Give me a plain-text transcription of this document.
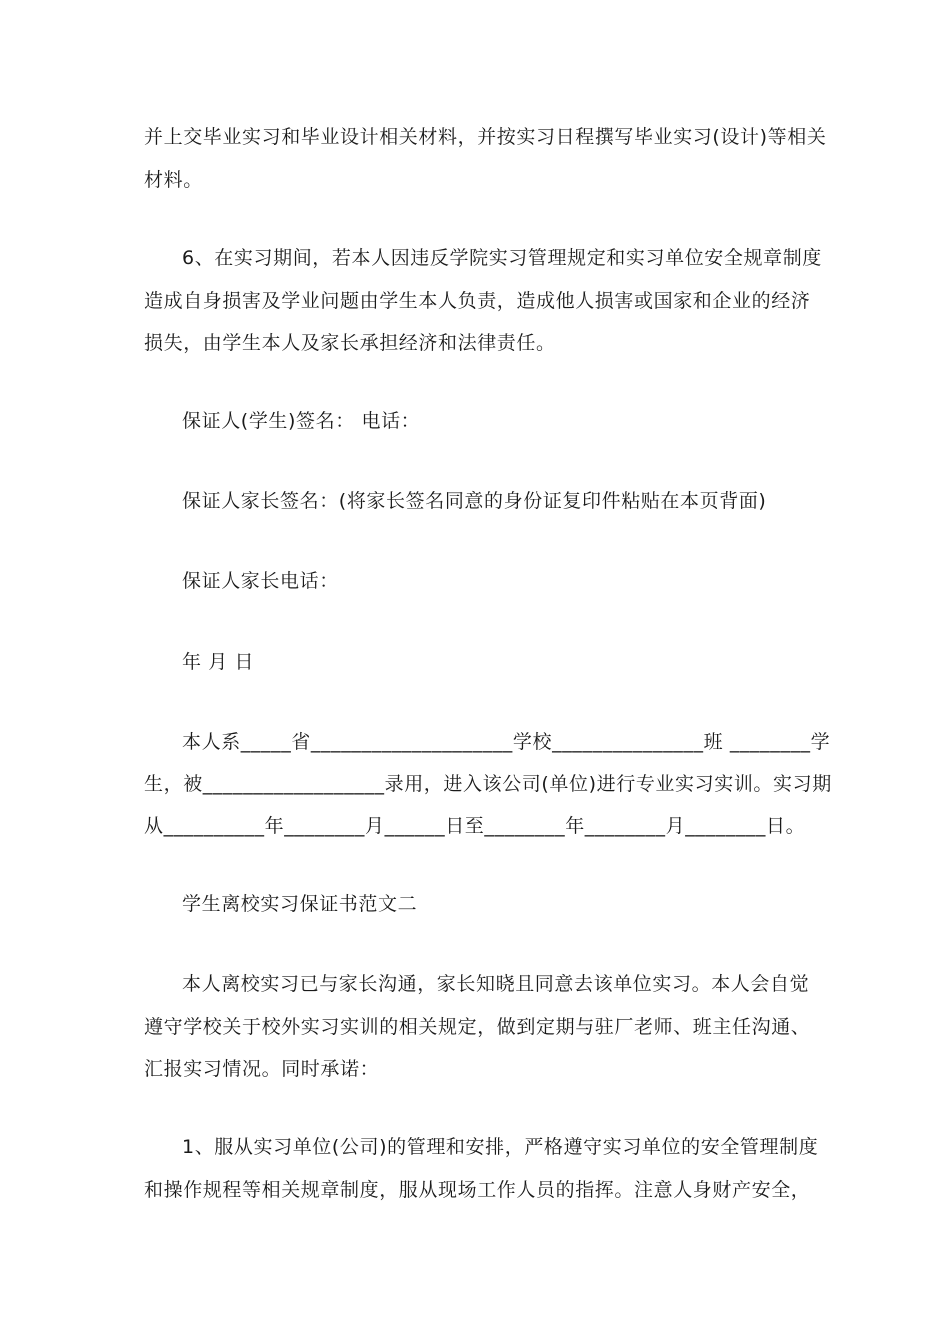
并上交毕业实习和毕业设计相关材料，并按实习日程撰写毕业实习(设计)等相关
材料。
6、在实习期间，若本人因违反学院实习管理规定和实习单位安全规章制度
造成自身损害及学业问题由学生本人负责，造成他人损害或国家和企业的经济
损失，由学生本人及家长承担经济和法律责任。
保证人(学生)签名： 电话：
保证人家长签名：(将家长签名同意的身份证复印件粘贴在本页背面)
保证人家长电话：
年 月 日
本人系_____省____________________学校_______________班 ________学
生，被__________________录用，进入该公司(单位)进行专业实习实训。实习期
从__________年________月______日至________年________月________日。
学生离校实习保证书范文二
本人离校实习已与家长沟通，家长知晓且同意去该单位实习。本人会自觉
遵守学校关于校外实习实训的相关规定，做到定期与驻厂老师、班主任沟通、
汇报实习情况。同时承诺：
1、服从实习单位(公司)的管理和安排，严格遵守实习单位的安全管理制度
和操作规程等相关规章制度，服从现场工作人员的指挥。注意人身财产安全，
